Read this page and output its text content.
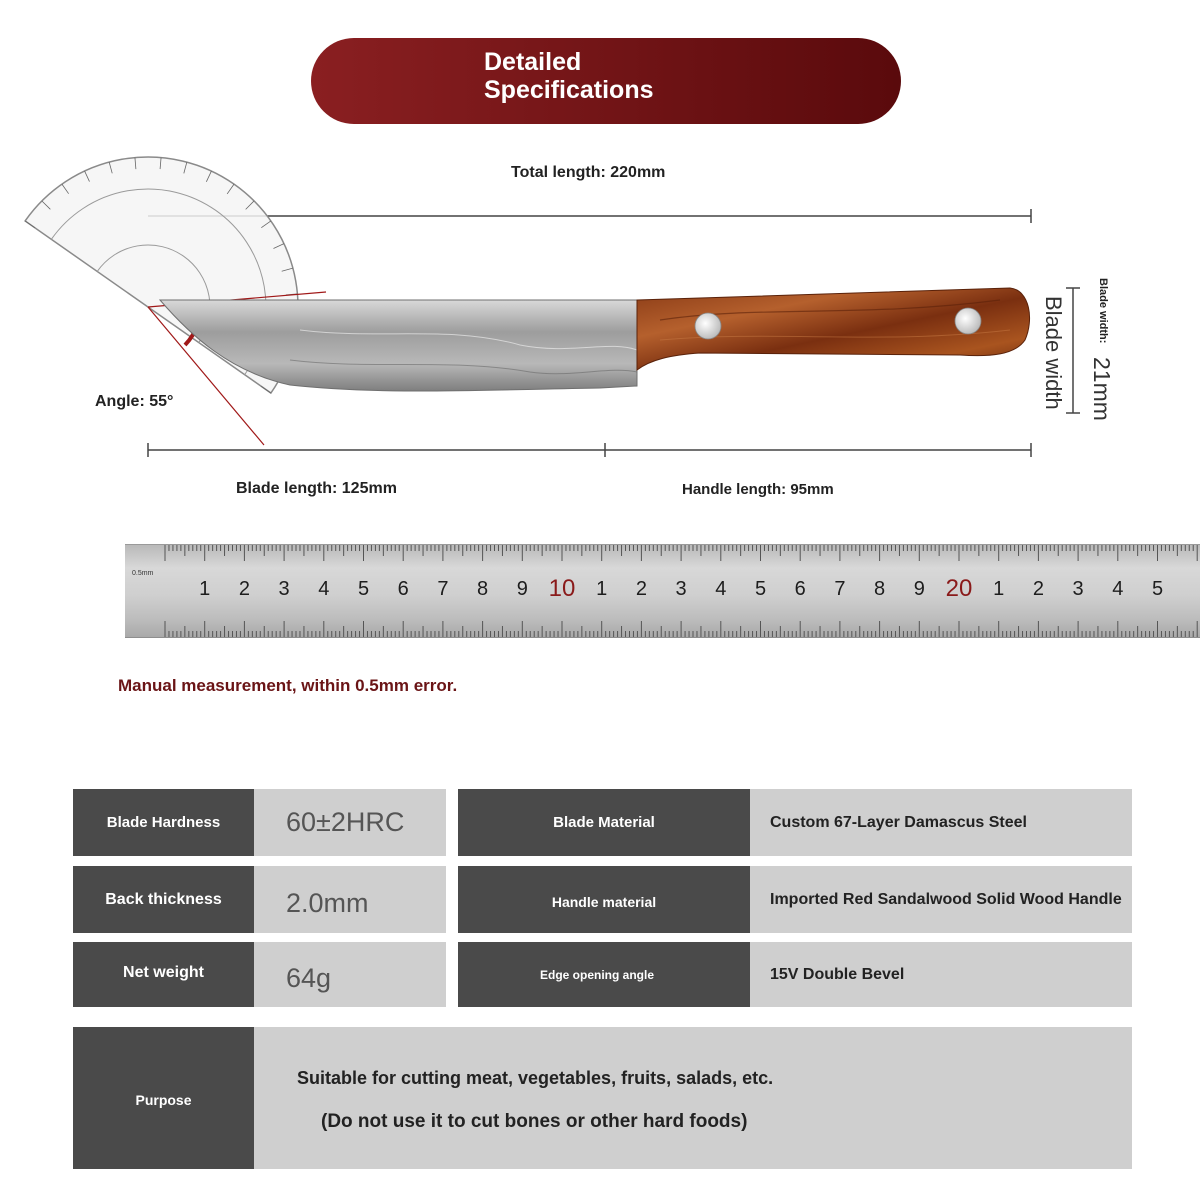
Detailed
Specifications
Total length: 220mm
Angle: 55°
Blade length: 125mm	Handle length: 95mm
Blade width:
Blade width 21mm
0.5mm
1 2 3 4 5 6 7 8 9 10 1 2 3 4 5 6 7 8 9 20 1 2 3 4 5
Manual measurement, within 0.5mm error.
Blade Hardness	60±2HRC	Blade Material	Custom 67-Layer Damascus Steel
Back thickness	2.0mm	Handle material	Imported Red Sandalwood Solid Wood Handle
Net weight	64g	Edge opening angle	15V Double Bevel
Purpose
Suitable for cutting meat, vegetables, fruits, salads, etc.
(Do not use it to cut bones or other hard foods)
